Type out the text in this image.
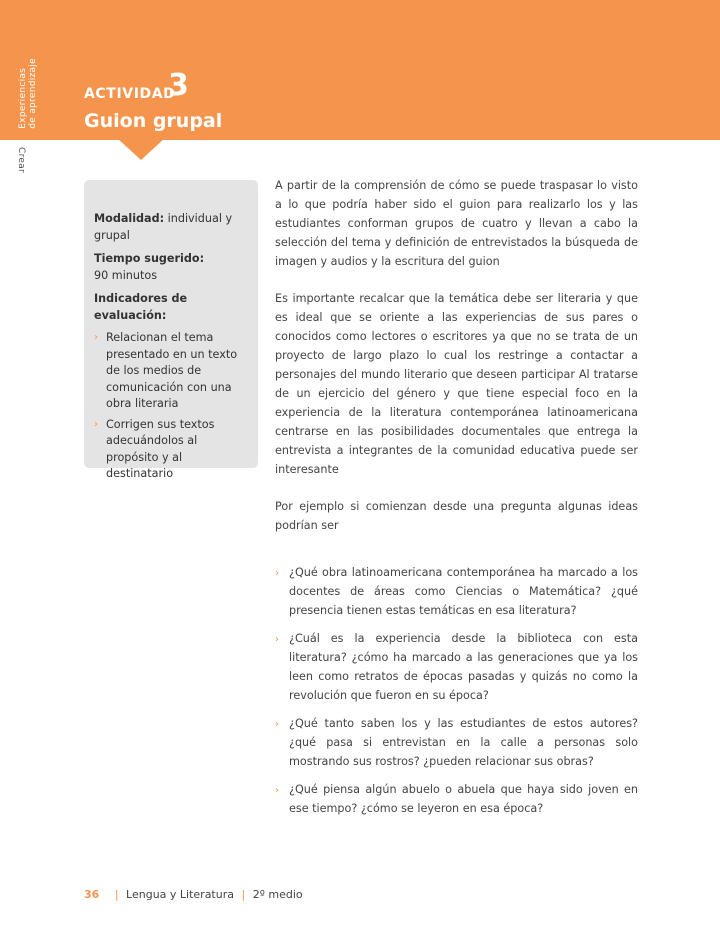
Experiencias
de aprendizaje
Crear
ACTIVIDAD
3
Guion grupal

Modalidad: individual y grupal

Tiempo sugerido:
90 minutos

Indicadores de evaluación:

› Relacionan el tema presentado en un texto de los medios de comunicación con una obra literaria
› Corrigen sus textos adecuándolos al propósito y al destinatario

A partir de la comprensión de cómo se puede traspasar lo visto a lo que podría haber sido el guion para realizarlo los y las estudiantes conforman grupos de cuatro y llevan a cabo la selección del tema y definición de entrevistados la búsqueda de imagen y audios y la escritura del guion

Es importante recalcar que la temática debe ser literaria y que es ideal que se oriente a las experiencias de sus pares o conocidos como lectores o escritores ya que no se trata de un proyecto de largo plazo lo cual los restringe a contactar a personajes del mundo literario que deseen participar Al tratarse de un ejercicio del género y que tiene especial foco en la experiencia de la literatura contemporánea latinoamericana centrarse en las posibilidades documentales que entrega la entrevista a integrantes de la comunidad educativa puede ser interesante

Por ejemplo si comienzan desde una pregunta algunas ideas podrían ser

› ¿Qué obra latinoamericana contemporánea ha marcado a los docentes de áreas como Ciencias o Matemática? ¿qué presencia tienen estas temáticas en esa literatura?
› ¿Cuál es la experiencia desde la biblioteca con esta literatura? ¿cómo ha marcado a las generaciones que ya los leen como retratos de épocas pasadas y quizás no como la revolución que fueron en su época?
› ¿Qué tanto saben los y las estudiantes de estos autores? ¿qué pasa si entrevistan en la calle a personas solo mostrando sus rostros? ¿pueden relacionar sus obras?
› ¿Qué piensa algún abuelo o abuela que haya sido joven en ese tiempo? ¿cómo se leyeron en esa época?
36 | Lengua y Literatura | 2º medio
